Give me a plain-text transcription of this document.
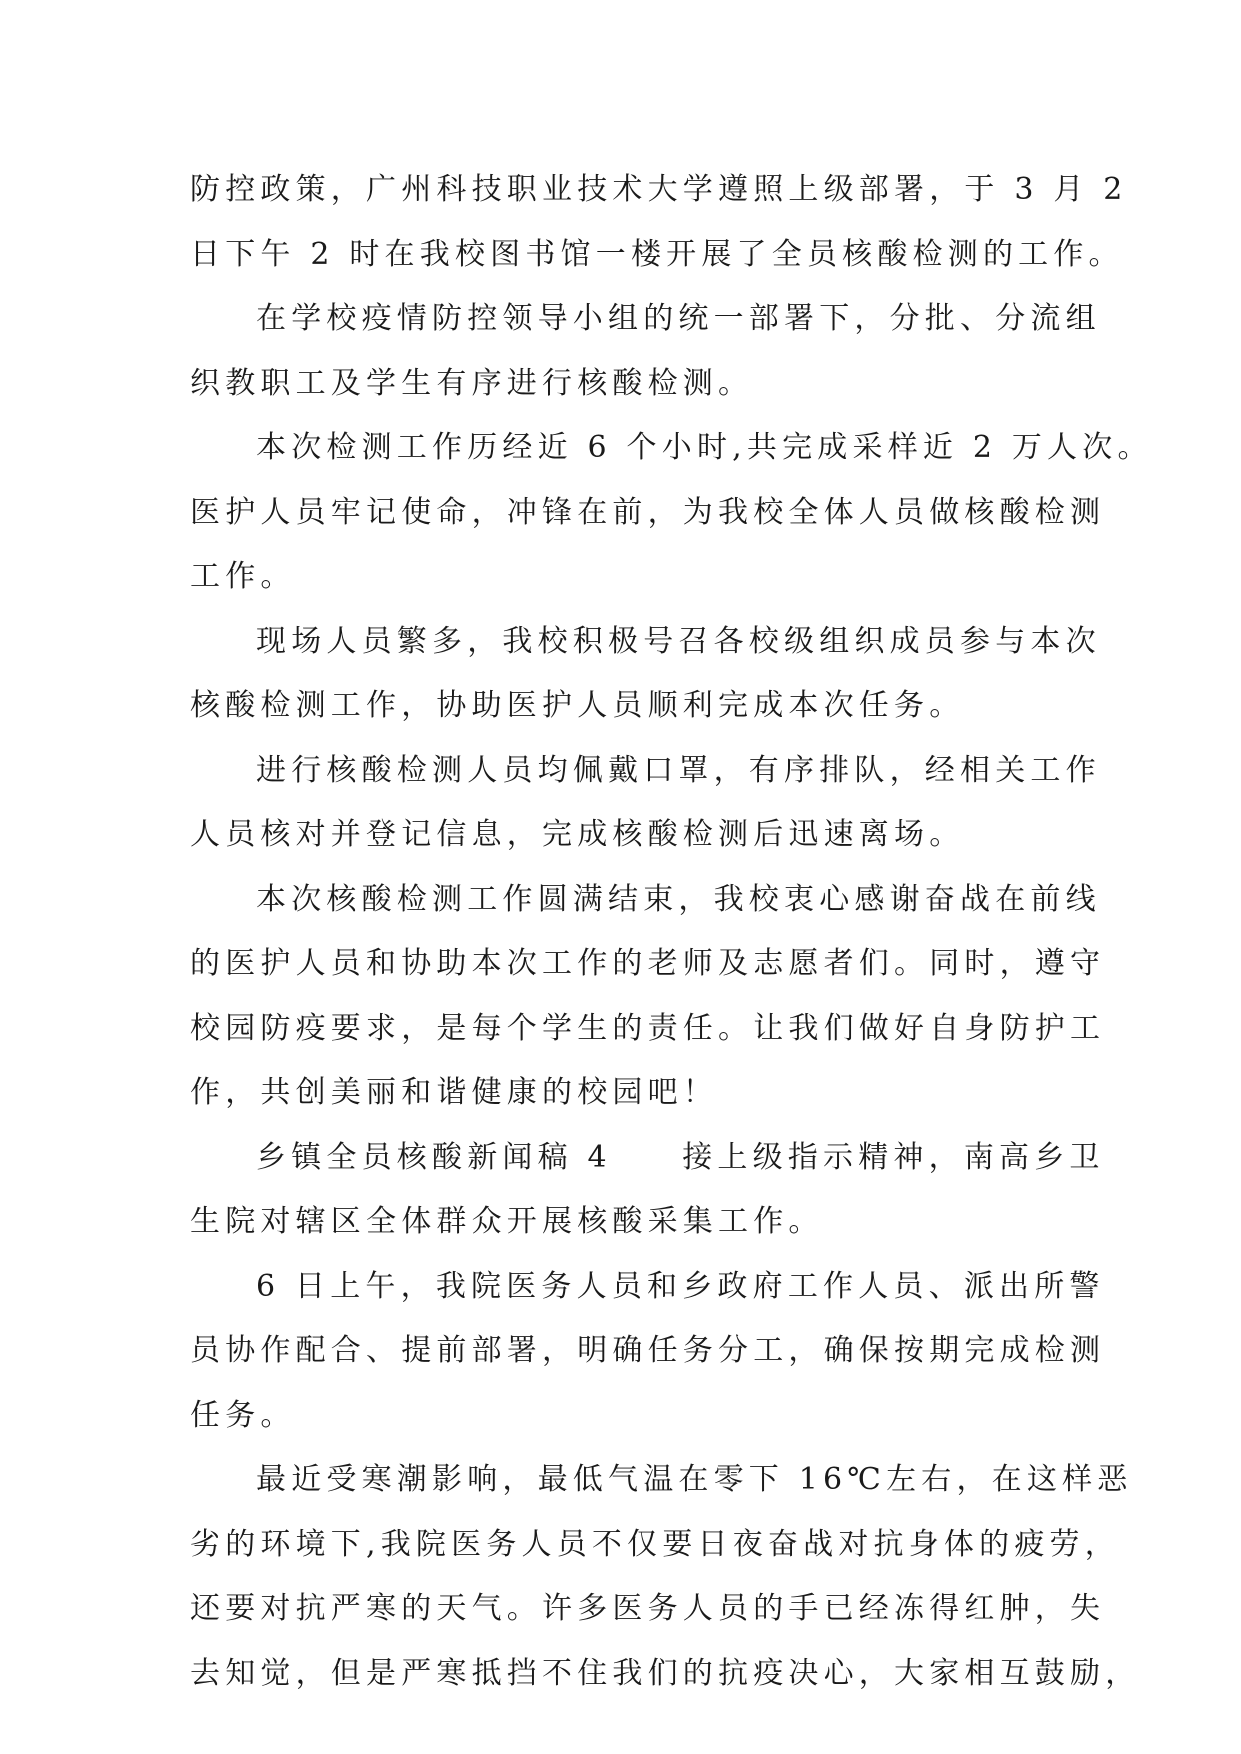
防控政策，广州科技职业技术大学遵照上级部署，于 3 月 2
日下午 2 时在我校图书馆一楼开展了全员核酸检测的工作。
在学校疫情防控领导小组的统一部署下，分批、分流组
织教职工及学生有序进行核酸检测。
本次检测工作历经近 6 个小时,共完成采样近 2 万人次。
医护人员牢记使命，冲锋在前，为我校全体人员做核酸检测
工作。
现场人员繁多，我校积极号召各校级组织成员参与本次
核酸检测工作，协助医护人员顺利完成本次任务。
进行核酸检测人员均佩戴口罩，有序排队，经相关工作
人员核对并登记信息，完成核酸检测后迅速离场。
本次核酸检测工作圆满结束，我校衷心感谢奋战在前线
的医护人员和协助本次工作的老师及志愿者们。同时，遵守
校园防疫要求，是每个学生的责任。让我们做好自身防护工
作，共创美丽和谐健康的校园吧！
乡镇全员核酸新闻稿 4　　接上级指示精神，南高乡卫
生院对辖区全体群众开展核酸采集工作。
6 日上午，我院医务人员和乡政府工作人员、派出所警
员协作配合、提前部署，明确任务分工，确保按期完成检测
任务。
最近受寒潮影响，最低气温在零下 16℃左右，在这样恶
劣的环境下,我院医务人员不仅要日夜奋战对抗身体的疲劳，
还要对抗严寒的天气。许多医务人员的手已经冻得红肿，失
去知觉，但是严寒抵挡不住我们的抗疫决心，大家相互鼓励，
